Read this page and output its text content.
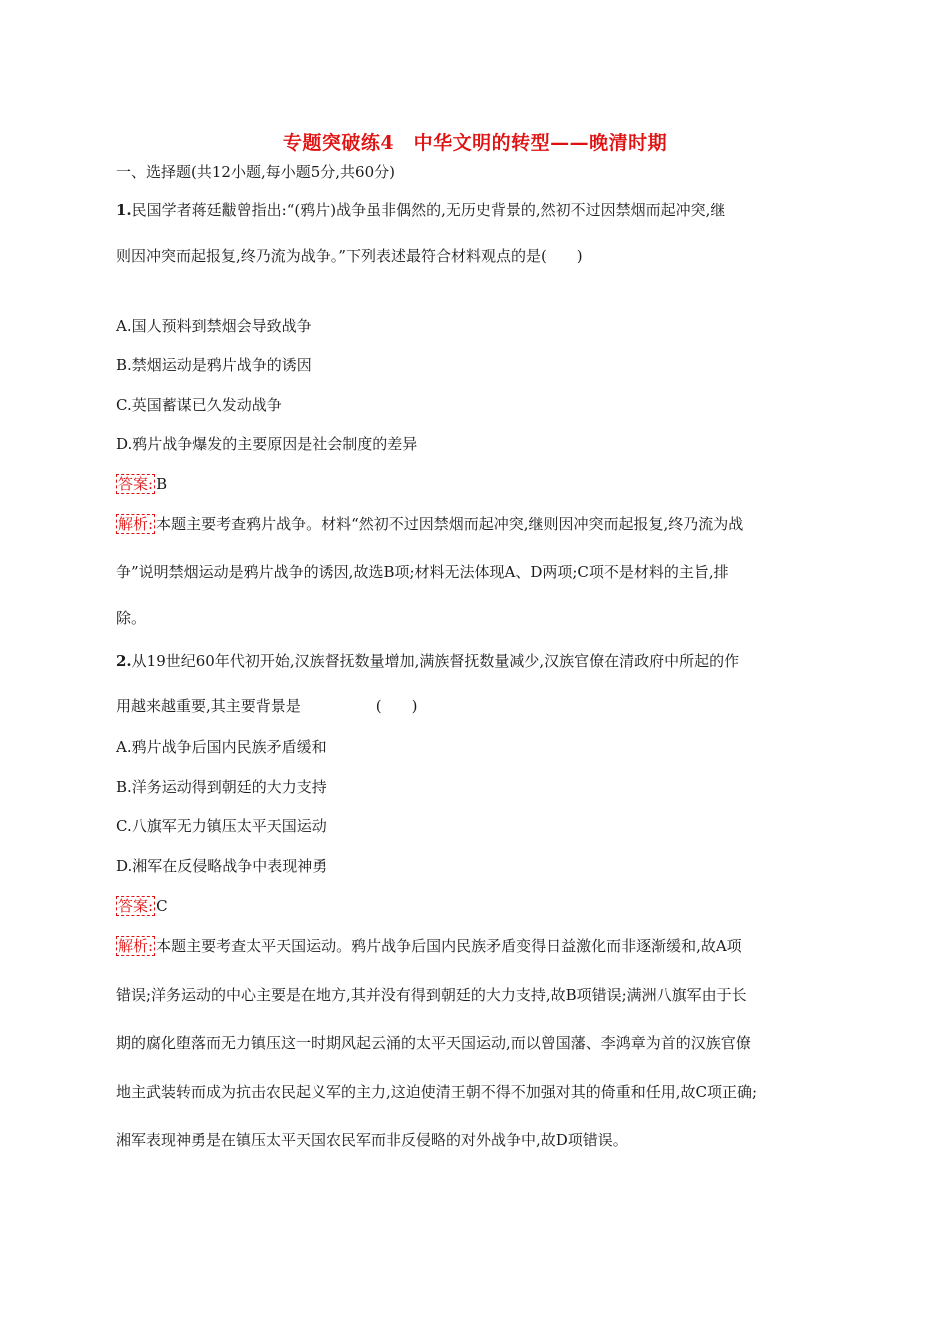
专题突破练4　中华文明的转型——晚清时期
一、选择题(共12小题,每小题5分,共60分)
1.民国学者蒋廷黻曾指出:“(鸦片)战争虽非偶然的,无历史背景的,然初不过因禁烟而起冲突,继
则因冲突而起报复,终乃流为战争。”下列表述最符合材料观点的是(　　)
A.国人预料到禁烟会导致战争
B.禁烟运动是鸦片战争的诱因
C.英国蓄谋已久发动战争
D.鸦片战争爆发的主要原因是社会制度的差异
答案: B
解析: 本题主要考查鸦片战争。材料“然初不过因禁烟而起冲突,继则因冲突而起报复,终乃流为战
争”说明禁烟运动是鸦片战争的诱因,故选B项;材料无法体现A、D两项;C项不是材料的主旨,排
除。
2.从19世纪60年代初开始,汉族督抚数量增加,满族督抚数量减少,汉族官僚在清政府中所起的作
用越来越重要,其主要背景是　　　　　(　　)
A.鸦片战争后国内民族矛盾缓和
B.洋务运动得到朝廷的大力支持
C.八旗军无力镇压太平天国运动
D.湘军在反侵略战争中表现神勇
答案: C
解析: 本题主要考查太平天国运动。鸦片战争后国内民族矛盾变得日益激化而非逐渐缓和,故A项
错误;洋务运动的中心主要是在地方,其并没有得到朝廷的大力支持,故B项错误;满洲八旗军由于长
期的腐化堕落而无力镇压这一时期风起云涌的太平天国运动,而以曾国藩、李鸿章为首的汉族官僚
地主武装转而成为抗击农民起义军的主力,这迫使清王朝不得不加强对其的倚重和任用,故C项正确;
湘军表现神勇是在镇压太平天国农民军而非反侵略的对外战争中,故D项错误。
